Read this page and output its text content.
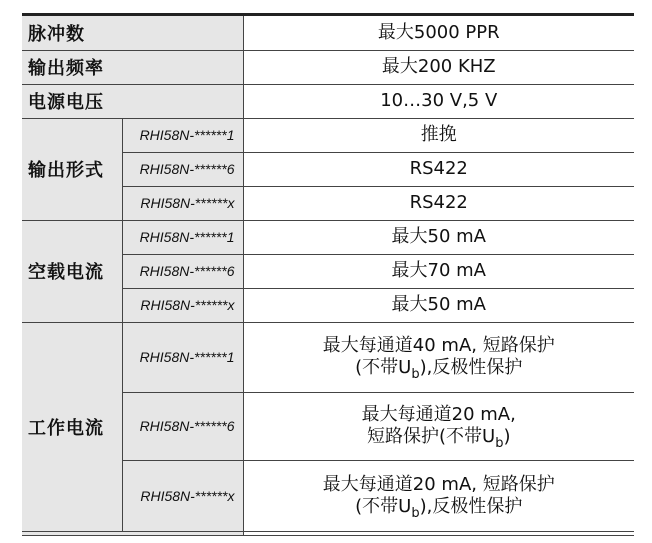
脉冲数		最大5000 PPR
输出频率		最大200 KHZ
电源电压		10…30 V,5 V
输出形式	RHI58N-******1	推挽
	RHI58N-******6	RS422
	RHI58N-******x	RS422
空载电流	RHI58N-******1	最大50 mA
	RHI58N-******6	最大70 mA
	RHI58N-******x	最大50 mA
工作电流	RHI58N-******1	最大每通道40 mA, 短路保护
(不带$U_b$),反极性保护

	RHI58N-******6	最大每通道20 mA,
短路保护(不带$U_b$)

	RHI58N-******x	最大每通道20 mA, 短路保护
(不带$U_b$),反极性保护
